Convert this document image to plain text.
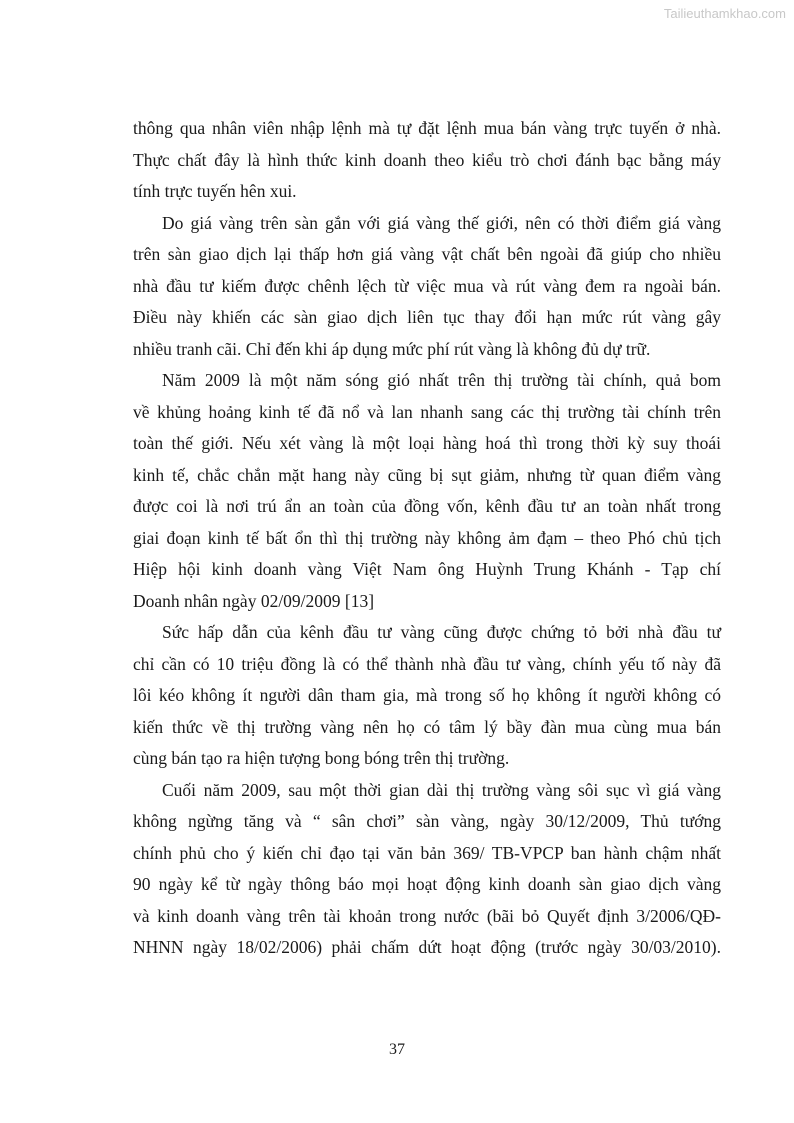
Tailieuthamkhao.com
thông qua nhân viên nhập lệnh mà tự đặt lệnh mua bán vàng trực tuyến ở nhà.
Thực chất đây là hình thức kinh doanh theo kiểu trò chơi đánh bạc bằng máy
tính trực tuyến hên xui.
Do giá vàng trên sàn gắn với giá vàng thế giới, nên có thời điểm giá vàng
trên sàn giao dịch lại thấp hơn giá vàng vật chất bên ngoài đã giúp cho nhiều
nhà đầu tư kiếm được chênh lệch từ việc mua và rút vàng đem ra ngoài bán.
Điều này khiến các sàn giao dịch liên tục thay đổi hạn mức rút vàng gây
nhiều tranh cãi. Chỉ đến khi áp dụng mức phí rút vàng là không đủ dự trữ.
Năm 2009 là một năm sóng gió nhất trên thị trường tài chính, quả bom
về khủng hoảng kinh tế đã nổ và lan nhanh sang các thị trường tài chính trên
toàn thế giới. Nếu xét vàng là một loại hàng hoá thì trong thời kỳ suy thoái
kinh tế, chắc chắn mặt hang này cũng bị sụt giảm, nhưng từ quan điểm vàng
được coi là nơi trú ẩn an toàn của đồng vốn, kênh đầu tư an toàn nhất trong
giai đoạn kinh tế bất ổn thì thị trường này không ảm đạm – theo Phó chủ tịch
Hiệp hội kinh doanh vàng Việt Nam ông Huỳnh Trung Khánh - Tạp chí
Doanh nhân ngày 02/09/2009 [13]
Sức hấp dẫn của kênh đầu tư vàng cũng được chứng tỏ bởi nhà đầu tư
chỉ cần có 10 triệu đồng là có thể thành nhà đầu tư vàng, chính yếu tố này đã
lôi kéo không ít người dân tham gia, mà trong số họ không ít người không có
kiến thức về thị trường vàng nên họ có tâm lý bầy đàn mua cùng mua bán
cùng bán tạo ra hiện tượng bong bóng trên thị trường.
Cuối năm 2009, sau một thời gian dài thị trường vàng sôi sục vì giá vàng
không ngừng tăng và “ sân chơi” sàn vàng, ngày 30/12/2009, Thủ tướng
chính phủ cho ý kiến chỉ đạo tại văn bản 369/ TB-VPCP ban hành chậm nhất
90 ngày kể từ ngày thông báo mọi hoạt động kinh doanh sàn giao dịch vàng
và kinh doanh vàng trên tài khoản trong nước (bãi bỏ Quyết định 3/2006/QĐ-
NHNN ngày 18/02/2006) phải chấm dứt hoạt động (trước ngày 30/03/2010).
37
